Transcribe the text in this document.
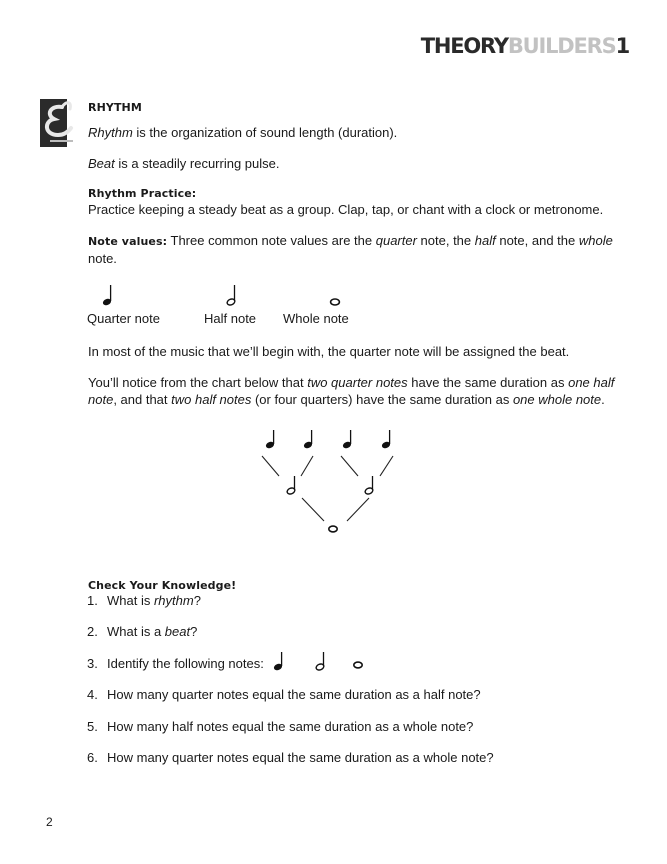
THEORYBUILDERS1
RHYTHM
Rhythm is the organization of sound length (duration).
Beat is a steadily recurring pulse.
Rhythm Practice:
Practice keeping a steady beat as a group. Clap, tap, or chant with a clock or metronome.
Note values: Three common note values are the quarter note, the half note, and the whole note.
Quarter note	Half note Whole note
In most of the music that we’ll begin with, the quarter note will be assigned the beat.
You’ll notice from the chart below that two quarter notes have the same duration as one half note, and that two half notes (or four quarters) have the same duration as one whole note.
Check Your Knowledge!
1. What is rhythm?
2. What is a beat?
3. Identify the following notes:
4. How many quarter notes equal the same duration as a half note?
5. How many half notes equal the same duration as a whole note?
6. How many quarter notes equal the same duration as a whole note?
2
